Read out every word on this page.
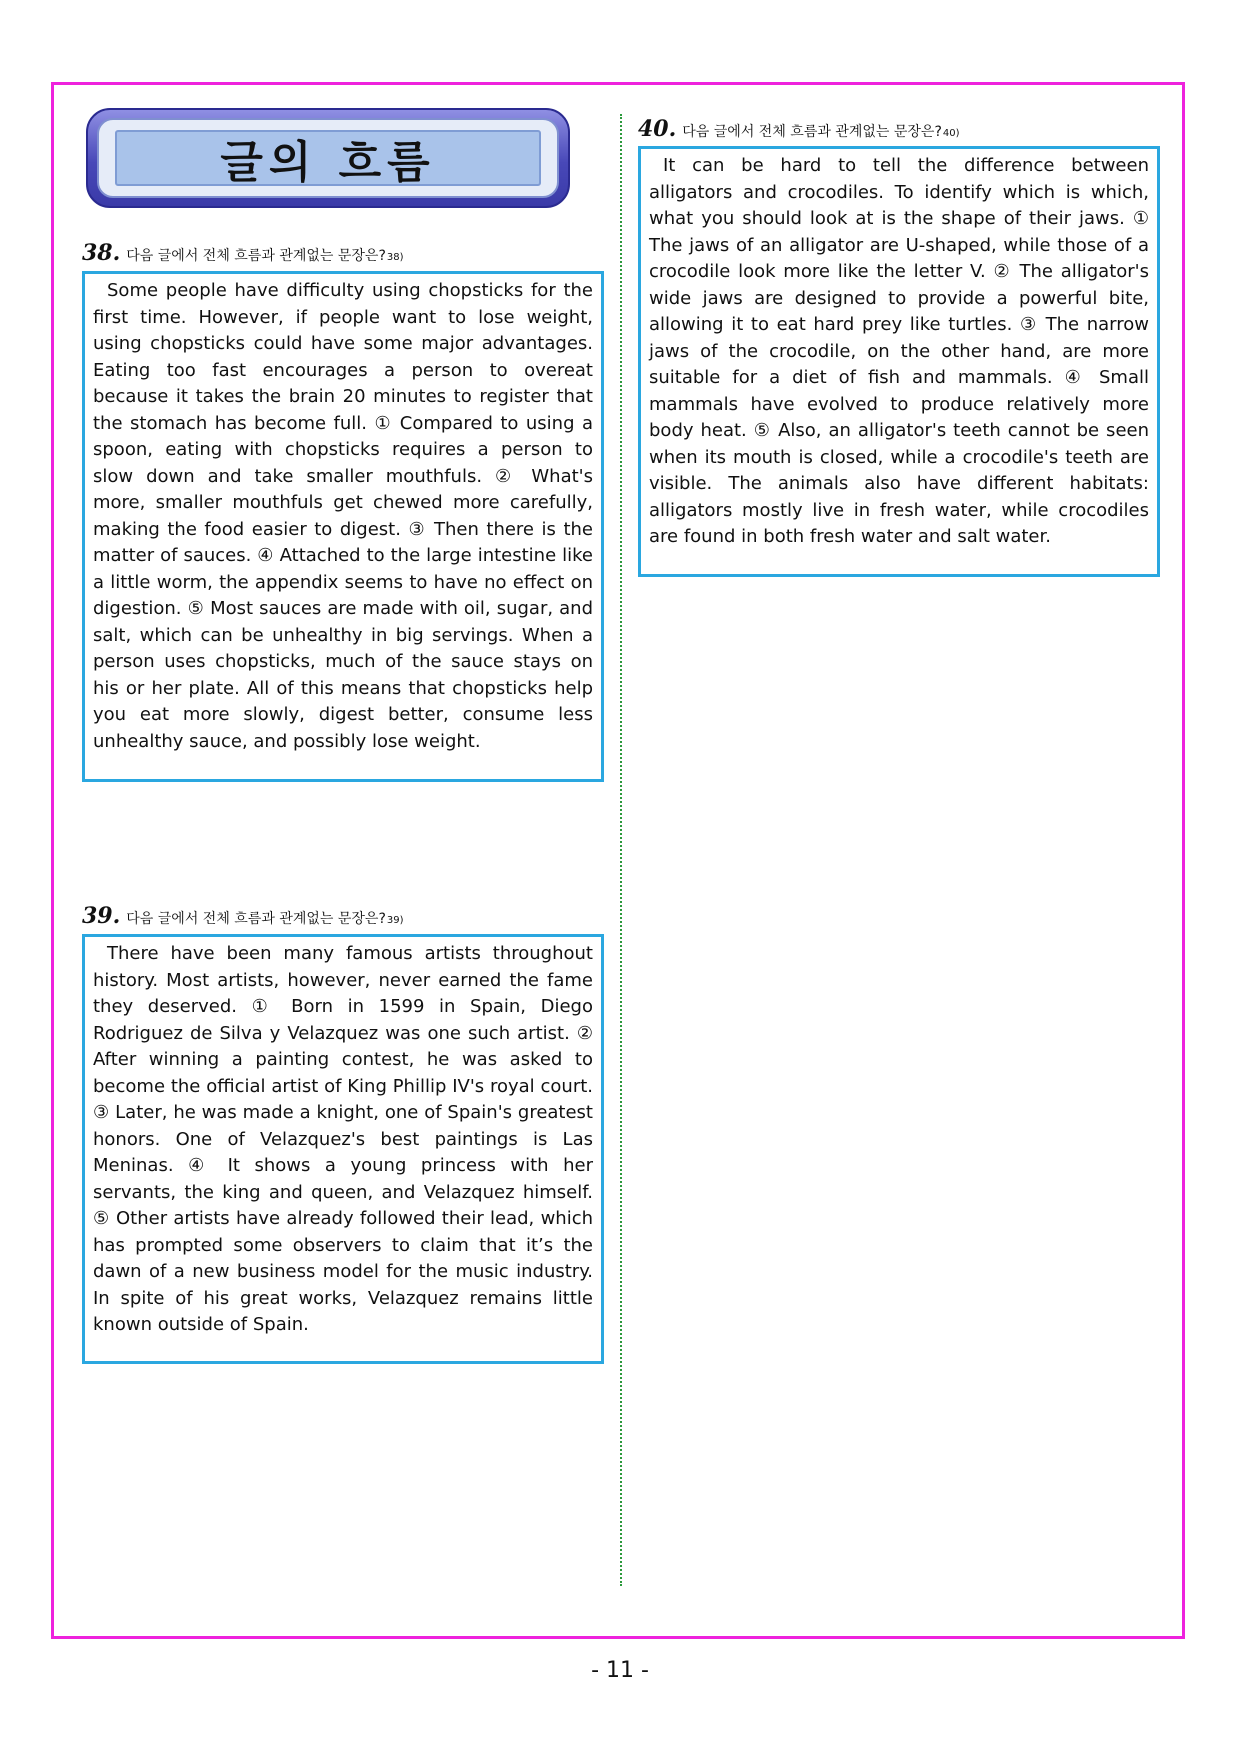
글의 흐름
38. 다음 글에서 전체 흐름과 관계없는 문장은? 38)
Some people have difficulty using chopsticks for the first time. However, if people want to lose weight, using chopsticks could have some major advantages. Eating too fast encourages a person to overeat because it takes the brain 20 minutes to register that the stomach has become full. ① Compared to using a spoon, eating with chopsticks requires a person to slow down and take smaller mouthfuls. ② What's more, smaller mouthfuls get chewed more carefully, making the food easier to digest. ③ Then there is the matter of sauces. ④ Attached to the large intestine like a little worm, the appendix seems to have no effect on digestion. ⑤ Most sauces are made with oil, sugar, and salt, which can be unhealthy in big servings. When a person uses chopsticks, much of the sauce stays on his or her plate. All of this means that chopsticks help you eat more slowly, digest better, consume less unhealthy sauce, and possibly lose weight.
39. 다음 글에서 전체 흐름과 관계없는 문장은? 39)
There have been many famous artists throughout history. Most artists, however, never earned the fame they deserved. ① Born in 1599 in Spain, Diego Rodriguez de Silva y Velazquez was one such artist. ② After winning a painting contest, he was asked to become the official artist of King Phillip IV's royal court. ③ Later, he was made a knight, one of Spain's greatest honors. One of Velazquez's best paintings is Las Meninas. ④ It shows a young princess with her servants, the king and queen, and Velazquez himself. ⑤ Other artists have already followed their lead, which has prompted some observers to claim that it’s the dawn of a new business model for the music industry. In spite of his great works, Velazquez remains little known outside of Spain.
40. 다음 글에서 전체 흐름과 관계없는 문장은? 40)
It can be hard to tell the difference between alligators and crocodiles. To identify which is which, what you should look at is the shape of their jaws. ① The jaws of an alligator are U-shaped, while those of a crocodile look more like the letter V. ② The alligator's wide jaws are designed to provide a powerful bite, allowing it to eat hard prey like turtles. ③ The narrow jaws of the crocodile, on the other hand, are more suitable for a diet of fish and mammals. ④ Small mammals have evolved to produce relatively more body heat. ⑤ Also, an alligator's teeth cannot be seen when its mouth is closed, while a crocodile's teeth are visible. The animals also have different habitats: alligators mostly live in fresh water, while crocodiles are found in both fresh water and salt water.
- 11 -
